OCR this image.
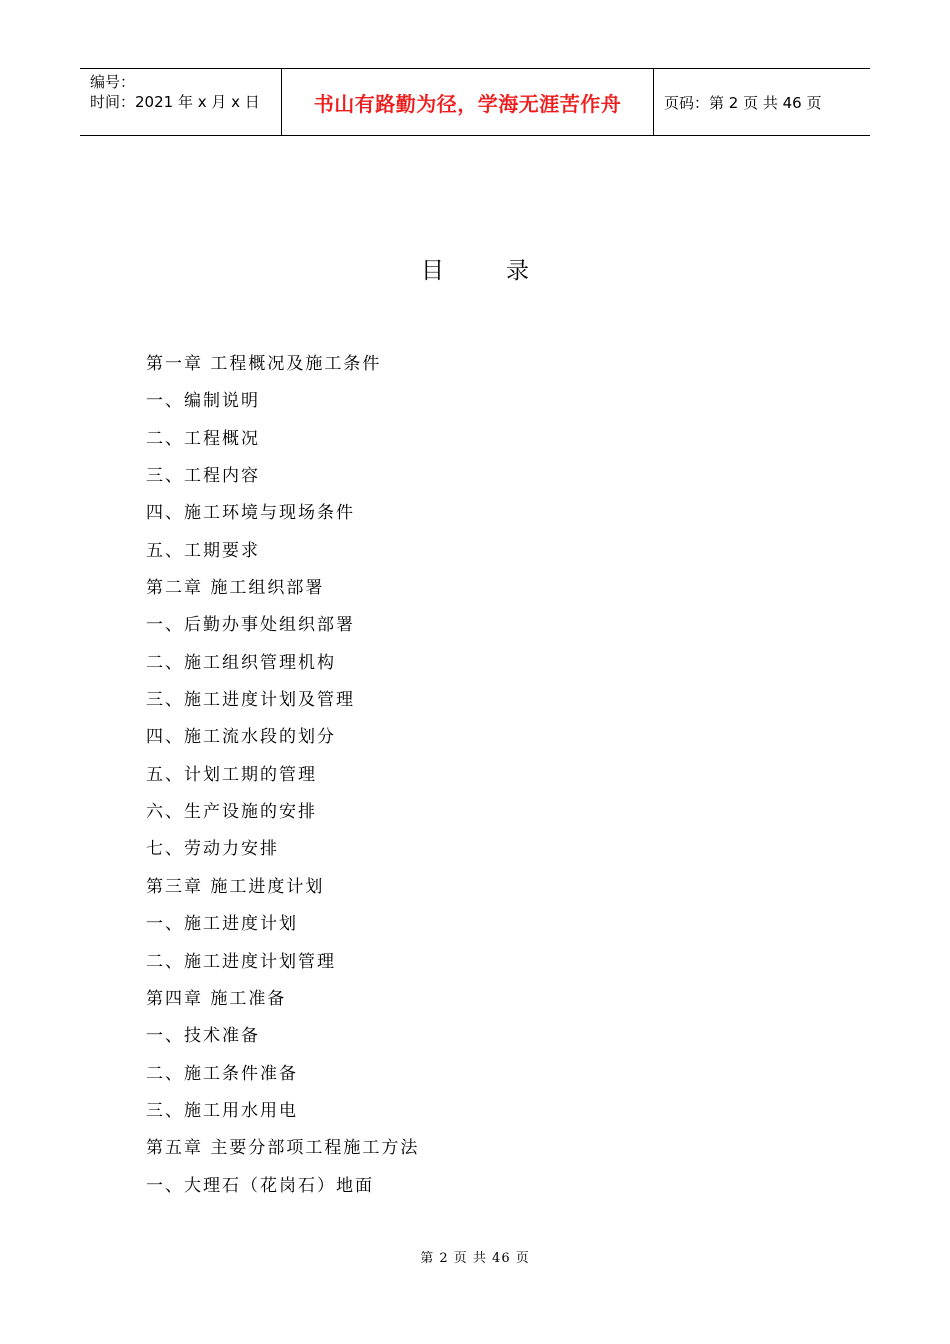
编号：
时间：2021 年 x 月 x 日	书山有路勤为径，学海无涯苦作舟	页码：第 2 页 共 46 页
目录
第一章 工程概况及施工条件
一、编制说明
二、工程概况
三、工程内容
四、施工环境与现场条件
五、工期要求
第二章 施工组织部署
一、后勤办事处组织部署
二、施工组织管理机构
三、施工进度计划及管理
四、施工流水段的划分
五、计划工期的管理
六、生产设施的安排
七、劳动力安排
第三章 施工进度计划
一、施工进度计划
二、施工进度计划管理
第四章 施工准备
一、技术准备
二、施工条件准备
三、施工用水用电
第五章 主要分部项工程施工方法
一、大理石（花岗石）地面
第 2 页 共 46 页
